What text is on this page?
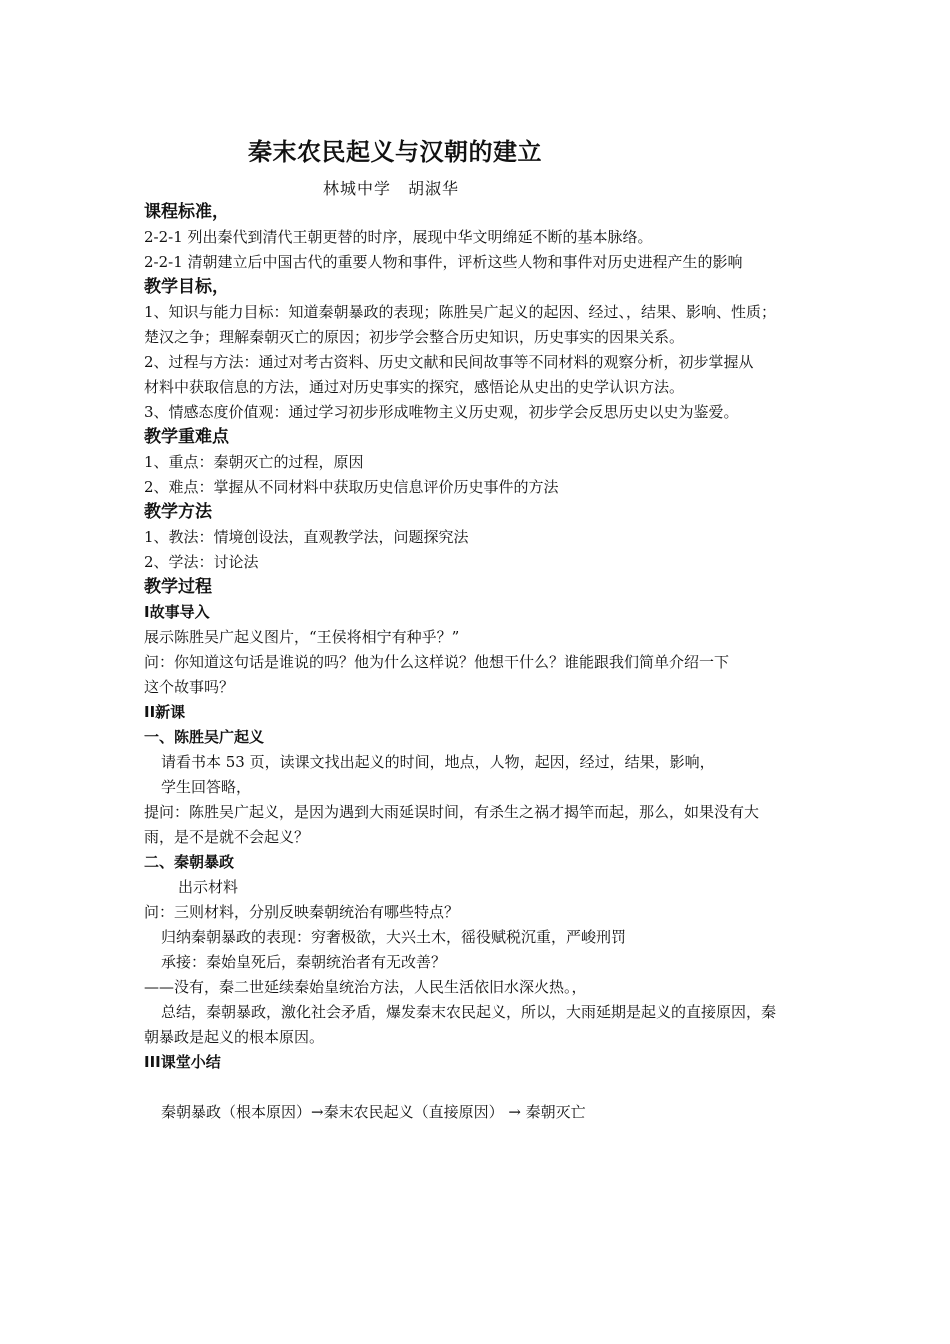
秦末农民起义与汉朝的建立
林城中学　胡淑华
课程标准，
2-2-1 列出秦代到清代王朝更替的时序，展现中华文明绵延不断的基本脉络。
2-2-1 清朝建立后中国古代的重要人物和事件，评析这些人物和事件对历史进程产生的影响
教学目标，
1、知识与能力目标：知道秦朝暴政的表现；陈胜吴广起义的起因、经过、，结果、影响、性质；
楚汉之争；理解秦朝灭亡的原因；初步学会整合历史知识，历史事实的因果关系。
2、过程与方法：通过对考古资料、历史文献和民间故事等不同材料的观察分析，初步掌握从
材料中获取信息的方法，通过对历史事实的探究，感悟论从史出的史学认识方法。
3、情感态度价值观：通过学习初步形成唯物主义历史观，初步学会反思历史以史为鉴爱。
教学重难点
1、重点：秦朝灭亡的过程，原因
2、难点：掌握从不同材料中获取历史信息评价历史事件的方法
教学方法
1、教法：情境创设法，直观教学法，问题探究法
2、学法：讨论法
教学过程
I故事导入
展示陈胜吴广起义图片，“王侯将相宁有种乎？”
问：你知道这句话是谁说的吗？他为什么这样说？他想干什么？谁能跟我们简单介绍一下
这个故事吗？
II新课
一、陈胜吴广起义
请看书本 53 页，读课文找出起义的时间，地点，人物，起因，经过，结果，影响，
学生回答略，
提问：陈胜吴广起义，是因为遇到大雨延误时间，有杀生之祸才揭竿而起，那么，如果没有大
雨，是不是就不会起义？
二、秦朝暴政
出示材料
问：三则材料，分别反映秦朝统治有哪些特点？
归纳秦朝暴政的表现：穷奢极欲，大兴土木，徭役赋税沉重，严峻刑罚
承接：秦始皇死后，秦朝统治者有无改善？
——没有，秦二世延续秦始皇统治方法，人民生活依旧水深火热。，
总结，秦朝暴政，激化社会矛盾，爆发秦末农民起义，所以，大雨延期是起义的直接原因，秦
朝暴政是起义的根本原因。
III课堂小结
秦朝暴政（根本原因）→秦末农民起义（直接原因） → 秦朝灭亡
